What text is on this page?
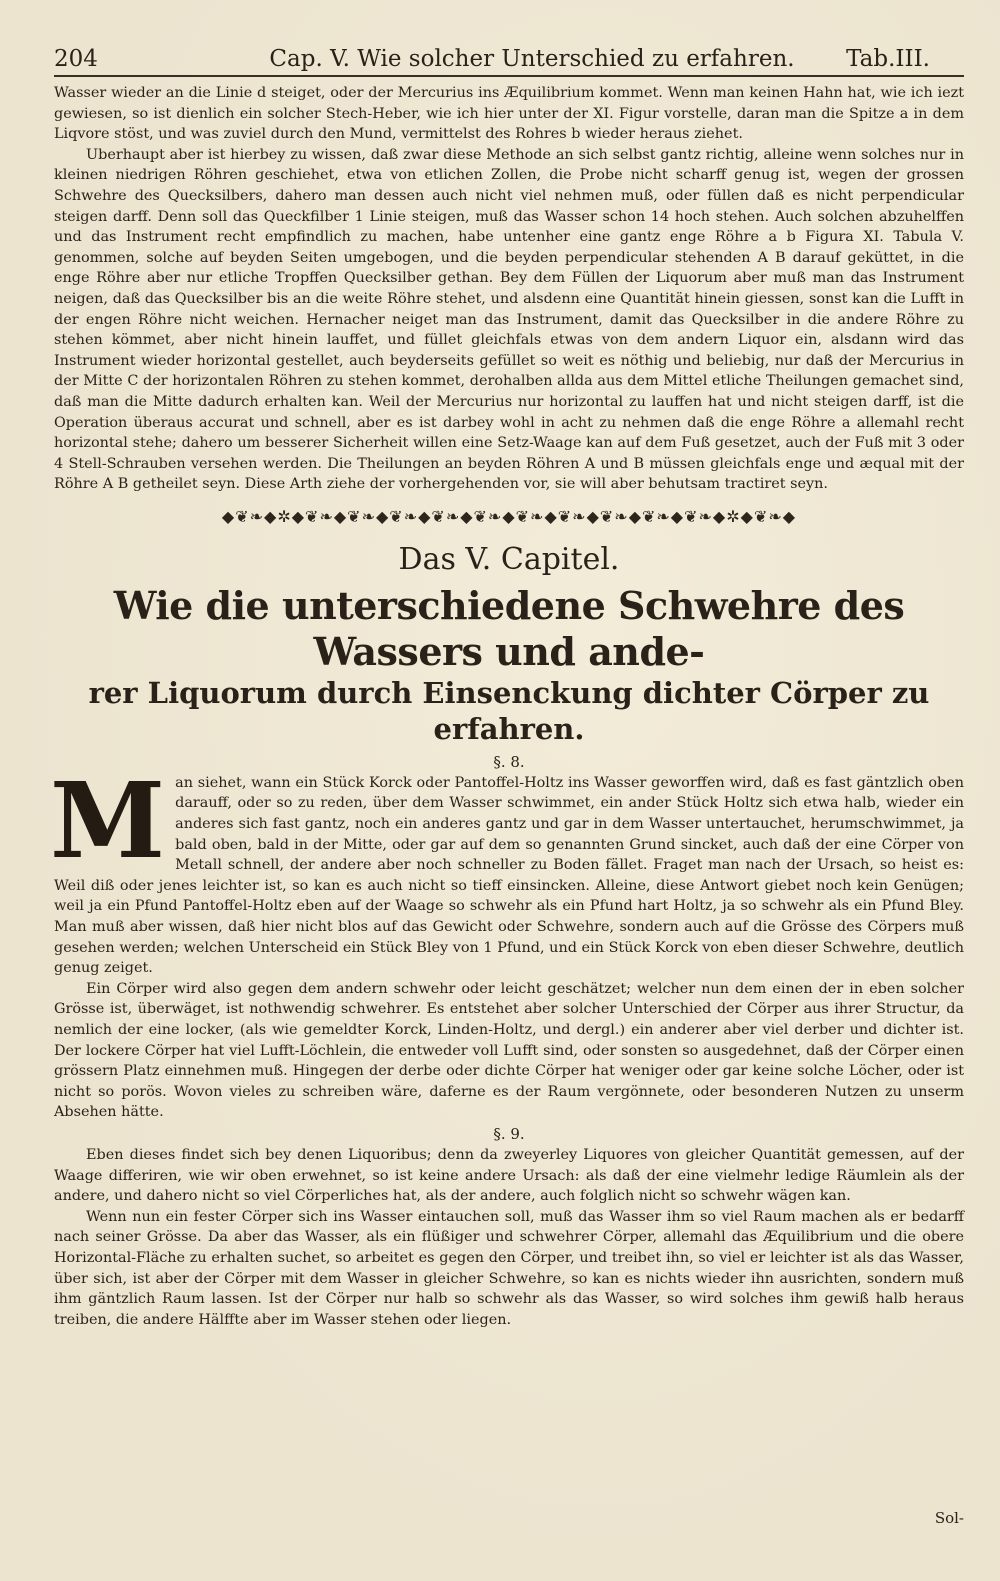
204	Cap. V. Wie solcher Unterschied zu erfahren.	Tab.III.

Wasser wieder an die Linie d steiget, oder der Mercurius ins Æquilibrium kommet. Wenn man keinen Hahn hat, wie ich iezt gewiesen, so ist dienlich ein solcher Stech-Heber, wie ich hier unter der XI. Figur vorstelle, daran man die Spitze a in dem Liqvore stöst, und was zuviel durch den Mund, vermittelst des Rohres b wieder heraus ziehet.

Uberhaupt aber ist hierbey zu wissen, daß zwar diese Methode an sich selbst gantz richtig, alleine wenn solches nur in kleinen niedrigen Röhren geschiehet, etwa von etlichen Zollen, die Probe nicht scharff genug ist, wegen der grossen Schwehre des Quecksilbers, dahero man dessen auch nicht viel nehmen muß, oder füllen daß es nicht perpendicular steigen darff. Denn soll das Queckfilber 1 Linie steigen, muß das Wasser schon 14 hoch stehen. Auch solchen abzuhelffen und das Instrument recht empfindlich zu machen, habe untenher eine gantz enge Röhre a b Figura XI. Tabula V. genommen, solche auf beyden Seiten umgebogen, und die beyden perpendicular stehenden A B darauf geküttet, in die enge Röhre aber nur etliche Tropffen Quecksilber gethan. Bey dem Füllen der Liquorum aber muß man das Instrument neigen, daß das Quecksilber bis an die weite Röhre stehet, und alsdenn eine Quantität hinein giessen, sonst kan die Lufft in der engen Röhre nicht weichen. Hernacher neiget man das Instrument, damit das Quecksilber in die andere Röhre zu stehen kömmet, aber nicht hinein lauffet, und füllet gleichfals etwas von dem andern Liquor ein, alsdann wird das Instrument wieder horizontal gestellet, auch beyderseits gefüllet so weit es nöthig und beliebig, nur daß der Mercurius in der Mitte C der horizontalen Röhren zu stehen kommet, derohalben allda aus dem Mittel etliche Theilungen gemachet sind, daß man die Mitte dadurch erhalten kan. Weil der Mercurius nur horizontal zu lauffen hat und nicht steigen darff, ist die Operation überaus accurat und schnell, aber es ist darbey wohl in acht zu nehmen daß die enge Röhre a allemahl recht horizontal stehe; dahero um besserer Sicherheit willen eine Setz-Waage kan auf dem Fuß gesetzet, auch der Fuß mit 3 oder 4 Stell-Schrauben versehen werden. Die Theilungen an beyden Röhren A und B müssen gleichfals enge und æqual mit der Röhre A B getheilet seyn. Diese Arth ziehe der vorhergehenden vor, sie will aber behutsam tractiret seyn.

◆❦❧◆✲◆❦❧◆❦❧◆❦❧◆❦❧◆❦❧◆❦❧◆❦❧◆❦❧◆❦❧◆❦❧◆✲◆❦❧◆
Das V. Capitel.
Wie die unterschiedene Schwehre des Wassers und ande-
rer Liquorum durch Einsenckung dichter Cörper zu erfahren.
§. 8.

Man siehet, wann ein Stück Korck oder Pantoffel-Holtz ins Wasser geworffen wird, daß es fast gäntzlich oben darauff, oder so zu reden, über dem Wasser schwimmet, ein ander Stück Holtz sich etwa halb, wieder ein anderes sich fast gantz, noch ein anderes gantz und gar in dem Wasser untertauchet, herumschwimmet, ja bald oben, bald in der Mitte, oder gar auf dem so genannten Grund sincket, auch daß der eine Cörper von Metall schnell, der andere aber noch schneller zu Boden fället. Fraget man nach der Ursach, so heist es: Weil diß oder jenes leichter ist, so kan es auch nicht so tieff einsincken. Alleine, diese Antwort giebet noch kein Genügen; weil ja ein Pfund Pantoffel-Holtz eben auf der Waage so schwehr als ein Pfund hart Holtz, ja so schwehr als ein Pfund Bley. Man muß aber wissen, daß hier nicht blos auf das Gewicht oder Schwehre, sondern auch auf die Grösse des Cörpers muß gesehen werden; welchen Unterscheid ein Stück Bley von 1 Pfund, und ein Stück Korck von eben dieser Schwehre, deutlich genug zeiget.

Ein Cörper wird also gegen dem andern schwehr oder leicht geschätzet; welcher nun dem einen der in eben solcher Grösse ist, überwäget, ist nothwendig schwehrer. Es entstehet aber solcher Unterschied der Cörper aus ihrer Structur, da nemlich der eine locker, (als wie gemeldter Korck, Linden-Holtz, und dergl.) ein anderer aber viel derber und dichter ist. Der lockere Cörper hat viel Lufft-Löchlein, die entweder voll Lufft sind, oder sonsten so ausgedehnet, daß der Cörper einen grössern Platz einnehmen muß. Hingegen der derbe oder dichte Cörper hat weniger oder gar keine solche Löcher, oder ist nicht so porös. Wovon vieles zu schreiben wäre, daferne es der Raum vergönnete, oder besonderen Nutzen zu unserm Absehen hätte.

§. 9.

Eben dieses findet sich bey denen Liquoribus; denn da zweyerley Liquores von gleicher Quantität gemessen, auf der Waage differiren, wie wir oben erwehnet, so ist keine andere Ursach: als daß der eine vielmehr ledige Räumlein als der andere, und dahero nicht so viel Cörperliches hat, als der andere, auch folglich nicht so schwehr wägen kan.

Wenn nun ein fester Cörper sich ins Wasser eintauchen soll, muß das Wasser ihm so viel Raum machen als er bedarff nach seiner Grösse. Da aber das Wasser, als ein flüßiger und schwehrer Cörper, allemahl das Æquilibrium und die obere Horizontal-Fläche zu erhalten suchet, so arbeitet es gegen den Cörper, und treibet ihn, so viel er leichter ist als das Wasser, über sich, ist aber der Cörper mit dem Wasser in gleicher Schwehre, so kan es nichts wieder ihn ausrichten, sondern muß ihm gäntzlich Raum lassen. Ist der Cörper nur halb so schwehr als das Wasser, so wird solches ihm gewiß halb heraus treiben, die andere Hälffte aber im Wasser stehen oder liegen.

Sol-
